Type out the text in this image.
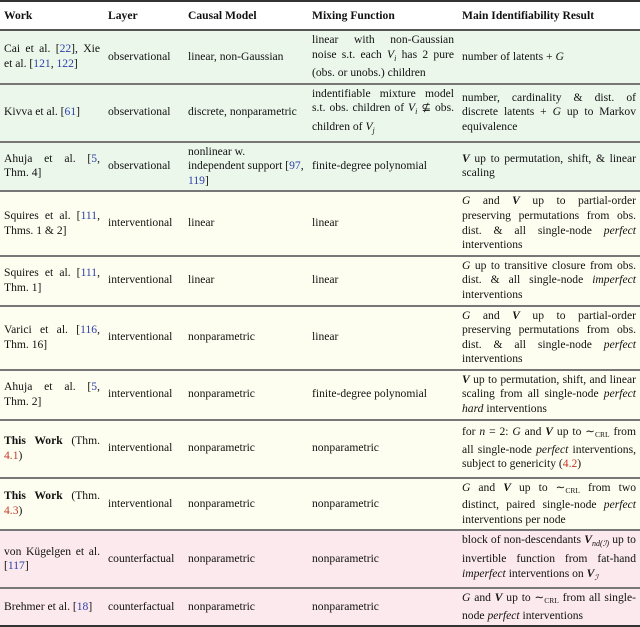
Work	Layer	Causal Model	Mixing Function	Main Identifiability Result
Cai et al. [22], Xie et al. [121, 122]	observational	linear, non-Gaussian	linear with non-Gaussian noise s.t. each $V_i$ has 2 pure (obs. or unobs.) children	number of latents + G
Kivva et al. [61]	observational	discrete, nonparametric	indentifiable mixture model s.t. obs. children of $V_i$ ⊈ obs. children of $V_j$	number, cardinality & dist. of discrete latents + G up to Markov equivalence
Ahuja et al. [5, Thm. 4]	observational	nonlinear w. independent support [97, 119]	finite-degree polynomial	V up to permutation, shift, & linear scaling
Squires et al. [111, Thms. 1 & 2]	interventional	linear	linear	G and V up to partial-order preserving permutations from obs. dist. & all single-node perfect interventions
Squires et al. [111, Thm. 1]	interventional	linear	linear	G up to transitive closure from obs. dist. & all single-node imperfect interventions
Varici et al. [116, Thm. 16]	interventional	nonparametric	linear	G and V up to partial-order preserving permutations from obs. dist. & all single-node perfect interventions
Ahuja et al. [5, Thm. 2]	interventional	nonparametric	finite-degree polynomial	V up to permutation, shift, and linear scaling from all single-node perfect hard interventions
This Work (Thm. 4.1)	interventional	nonparametric	nonparametric	for n = 2: G and V up to ∼CRL from all single-node perfect interventions, subject to genericity (4.2)
This Work (Thm. 4.3)	interventional	nonparametric	nonparametric	G and V up to ∼CRL from two distinct, paired single-node perfect interventions per node
von Kügelgen et al. [117]	counterfactual	nonparametric	nonparametric	block of non-descendants $V_{nd(ℐ)}$ up to invertible function from fat-hand imperfect interventions on $V_ℐ$
Brehmer et al. [18]	counterfactual	nonparametric	nonparametric	G and V up to ∼CRL from all single-node perfect interventions
